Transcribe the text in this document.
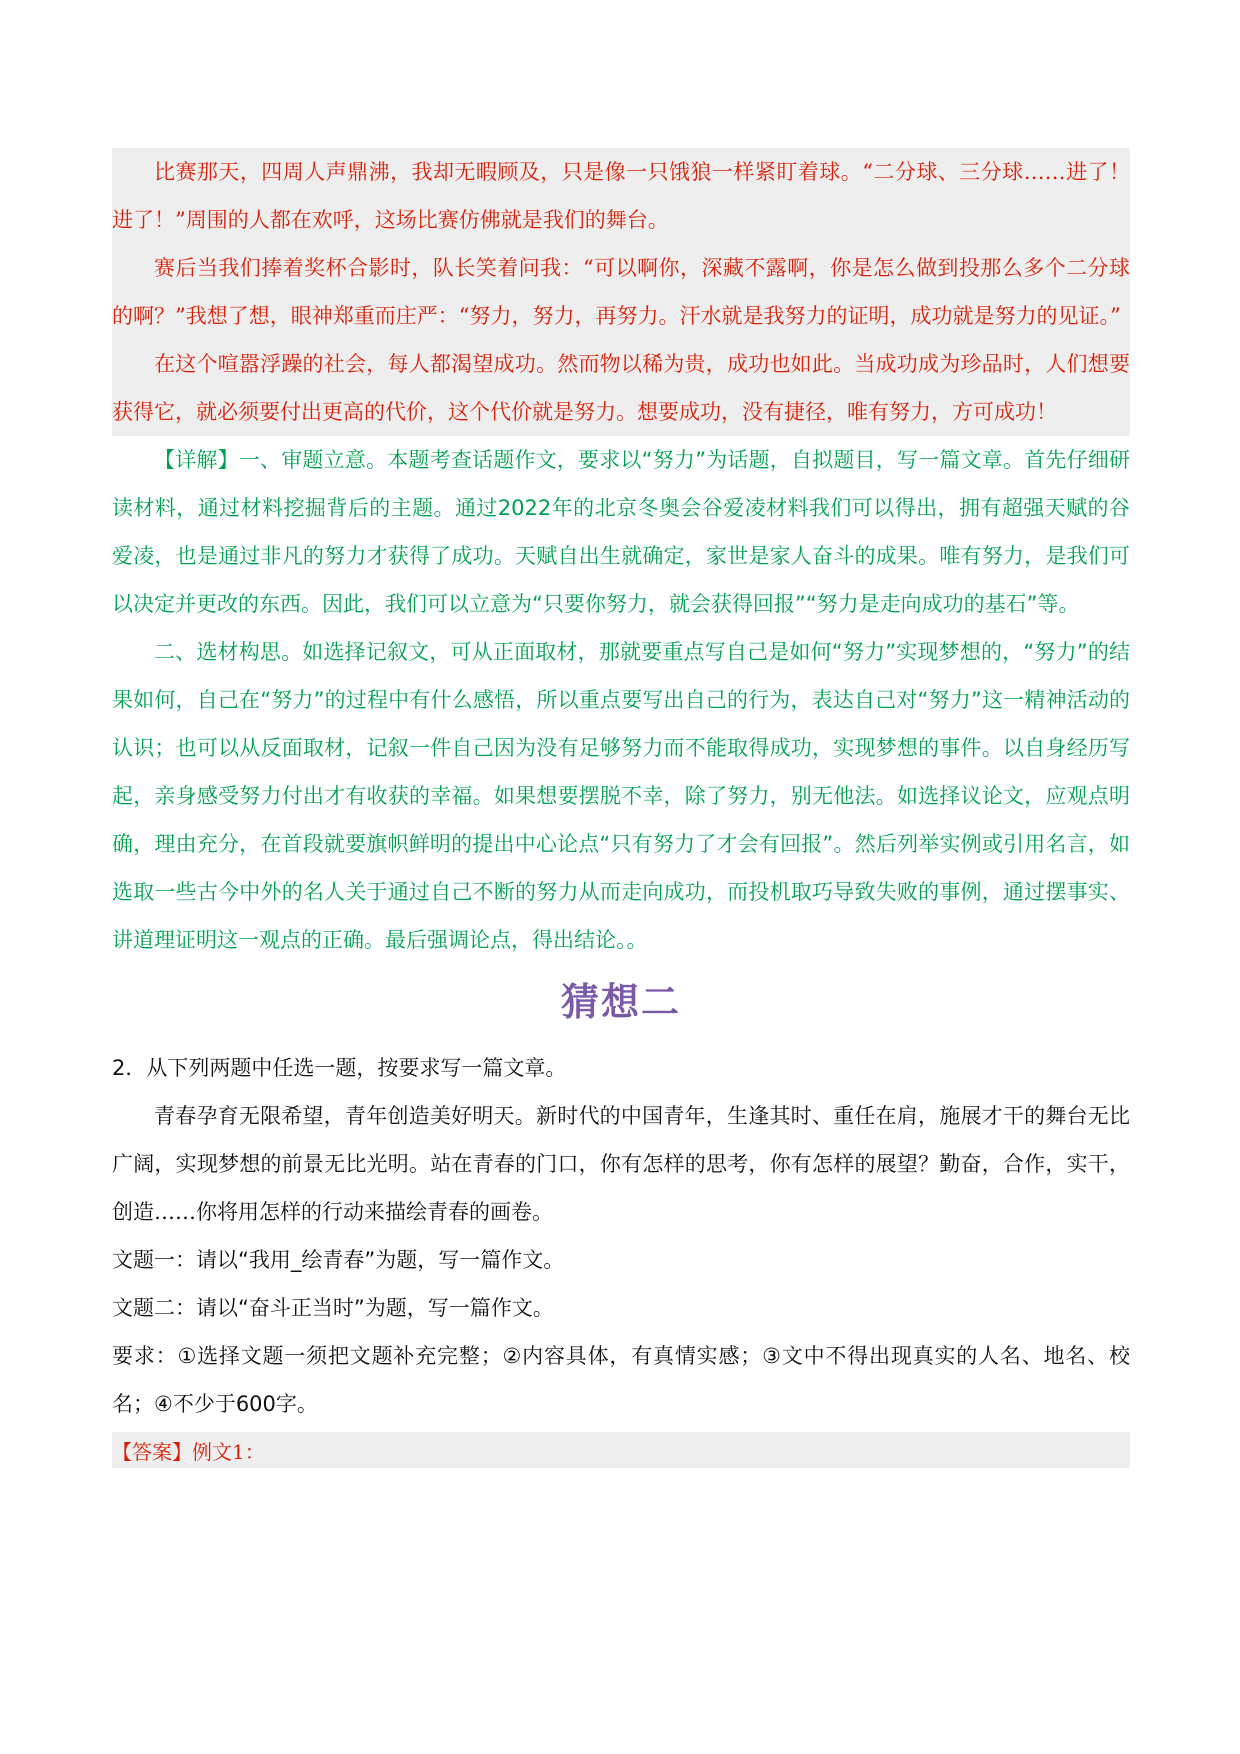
比赛那天，四周人声鼎沸，我却无暇顾及，只是像一只饿狼一样紧盯着球。“二分球、三分球……进了！进了！”周围的人都在欢呼，这场比赛仿佛就是我们的舞台。

赛后当我们捧着奖杯合影时，队长笑着问我：“可以啊你，深藏不露啊，你是怎么做到投那么多个二分球的啊？”我想了想，眼神郑重而庄严：“努力，努力，再努力。汗水就是我努力的证明，成功就是努力的见证。”

在这个喧嚣浮躁的社会，每人都渴望成功。然而物以稀为贵，成功也如此。当成功成为珍品时，人们想要获得它，就必须要付出更高的代价，这个代价就是努力。想要成功，没有捷径，唯有努力，方可成功！

【详解】一、审题立意。本题考查话题作文，要求以“努力”为话题，自拟题目，写一篇文章。首先仔细研读材料，通过材料挖掘背后的主题。通过2022年的北京冬奥会谷爱凌材料我们可以得出，拥有超强天赋的谷爱凌，也是通过非凡的努力才获得了成功。天赋自出生就确定，家世是家人奋斗的成果。唯有努力，是我们可以决定并更改的东西。因此，我们可以立意为“只要你努力，就会获得回报”“努力是走向成功的基石”等。

二、选材构思。如选择记叙文，可从正面取材，那就要重点写自己是如何“努力”实现梦想的，“努力”的结果如何，自己在“努力”的过程中有什么感悟，所以重点要写出自己的行为，表达自己对“努力”这一精神活动的认识；也可以从反面取材，记叙一件自己因为没有足够努力而不能取得成功，实现梦想的事件。以自身经历写起，亲身感受努力付出才有收获的幸福。如果想要摆脱不幸，除了努力，别无他法。如选择议论文，应观点明确，理由充分，在首段就要旗帜鲜明的提出中心论点“只有努力了才会有回报”。然后列举实例或引用名言，如选取一些古今中外的名人关于通过自己不断的努力从而走向成功，而投机取巧导致失败的事例，通过摆事实、讲道理证明这一观点的正确。最后强调论点，得出结论。。

猜想二

2．从下列两题中任选一题，按要求写一篇文章。

青春孕育无限希望，青年创造美好明天。新时代的中国青年，生逢其时、重任在肩，施展才干的舞台无比广阔，实现梦想的前景无比光明。站在青春的门口，你有怎样的思考，你有怎样的展望？勤奋，合作，实干，创造……你将用怎样的行动来描绘青春的画卷。

文题一：请以“我用_绘青春”为题，写一篇作文。

文题二：请以“奋斗正当时”为题，写一篇作文。

要求：①选择文题一须把文题补充完整；②内容具体，有真情实感；③文中不得出现真实的人名、地名、校名；④不少于600字。

【答案】 例文1：
